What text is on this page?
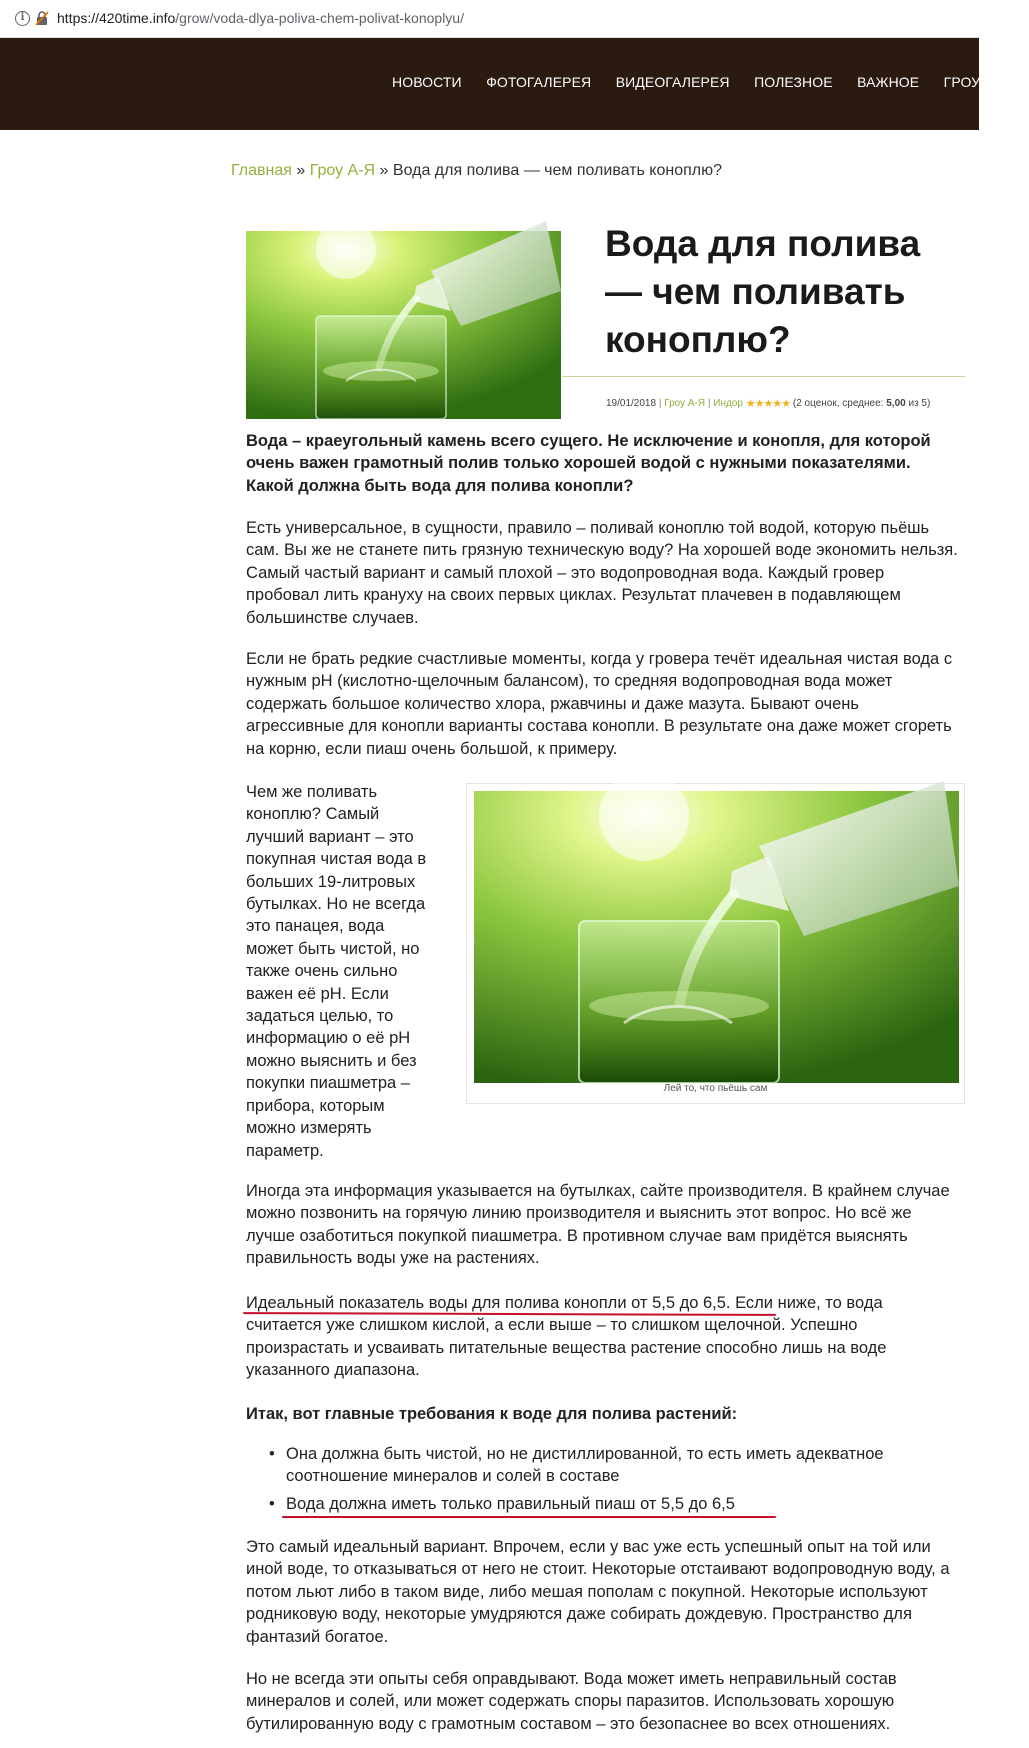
i	https://420time.info/grow/voda-dlya-poliva-chem-polivat-konoplyu/
НОВОСТИ ФОТОГАЛЕРЕЯ ВИДЕОГАЛЕРЕЯ ПОЛЕЗНОЕ ВАЖНОЕ ГРОУ А-Я
Главная » Гроу А-Я » Вода для полива — чем поливать коноплю?
Вода для полива — чем поливать коноплю?
19/01/2018 | Гроу А-Я | Индор ★★★★★ (2 оценок, среднее: 5,00 из 5)

Вода – краеугольный камень всего сущего. Не исключение и конопля, для которой очень важен грамотный полив только хорошей водой с нужными показателями. Какой должна быть вода для полива конопли?

Есть универсальное, в сущности, правило – поливай коноплю той водой, которую пьёшь сам. Вы же не станете пить грязную техническую воду? На хорошей воде экономить нельзя. Самый частый вариант и самый плохой – это водопроводная вода. Каждый гровер пробовал лить крануху на своих первых циклах. Результат плачевен в подавляющем большинстве случаев.

Если не брать редкие счастливые моменты, когда у гровера течёт идеальная чистая вода с нужным pH (кислотно-щелочным балансом), то средняя водопроводная вода может содержать большое количество хлора, ржавчины и даже мазута. Бывают очень агрессивные для конопли варианты состава конопли. В результате она даже может сгореть на корню, если пиаш очень большой, к примеру.

Чем же поливать коноплю? Самый лучший вариант – это покупная чистая вода в больших 19-литровых бутылках. Но не всегда это панацея, вода может быть чистой, но также очень сильно важен её pH. Если задаться целью, то информацию о её pH можно выяснить и без покупки пиашметра – прибора, которым можно измерять параметр.

Лей то, что пьёшь сам

Иногда эта информация указывается на бутылках, сайте производителя. В крайнем случае можно позвонить на горячую линию производителя и выяснить этот вопрос. Но всё же лучше озаботиться покупкой пиашметра. В противном случае вам придётся выяснять правильность воды уже на растениях.

Идеальный показатель воды для полива конопли от 5,5 до 6,5. Если ниже, то вода считается уже слишком кислой, а если выше – то слишком щелочной. Успешно произрастать и усваивать питательные вещества растение способно лишь на воде указанного диапазона.

Итак, вот главные требования к воде для полива растений:

• Она должна быть чистой, но не дистиллированной, то есть иметь адекватное соотношение минералов и солей в составе
• Вода должна иметь только правильный пиаш от 5,5 до 6,5

Это самый идеальный вариант. Впрочем, если у вас уже есть успешный опыт на той или иной воде, то отказываться от него не стоит. Некоторые отстаивают водопроводную воду, а потом льют либо в таком виде, либо мешая пополам с покупной. Некоторые используют родниковую воду, некоторые умудряются даже собирать дождевую. Пространство для фантазий богатое.

Но не всегда эти опыты себя оправдывают. Вода может иметь неправильный состав минералов и солей, или может содержать споры паразитов. Использовать хорошую бутилированную воду с грамотным составом – это безопаснее во всех отношениях.
